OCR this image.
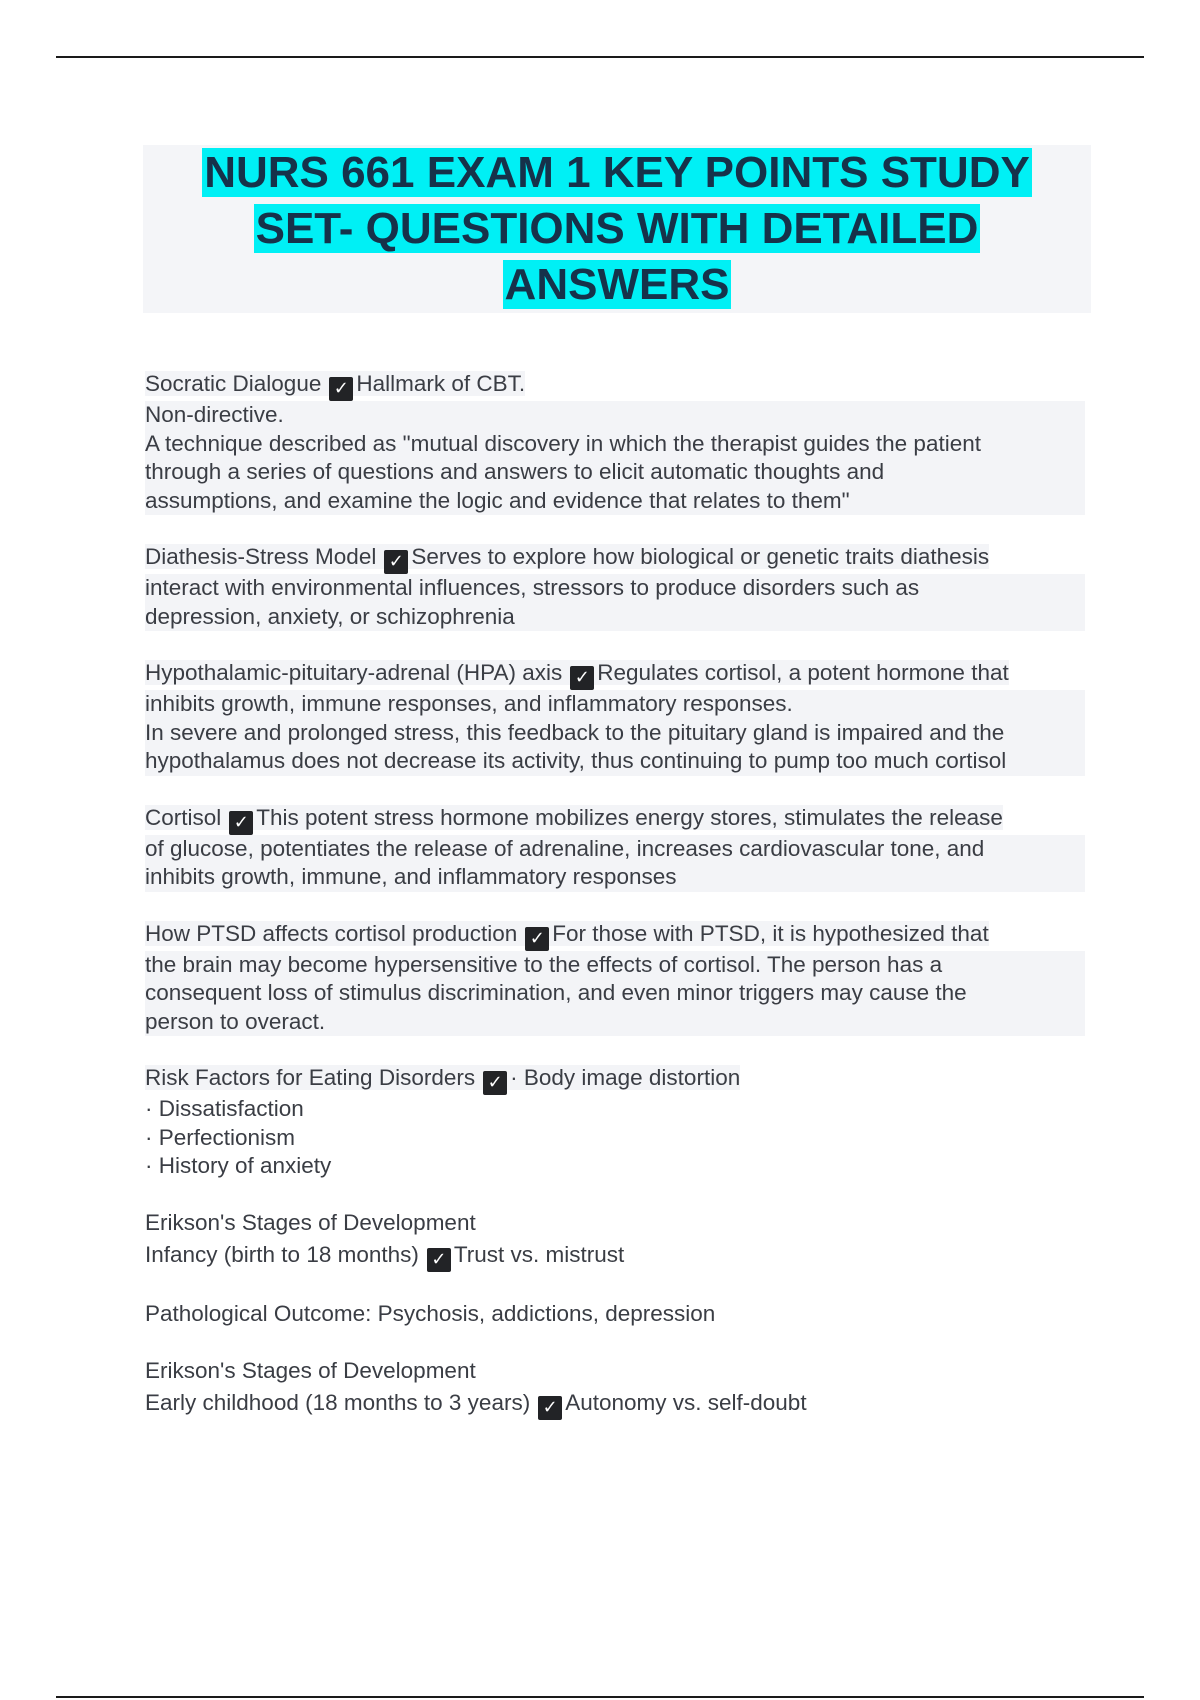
NURS 661 EXAM 1 KEY POINTS STUDY
SET- QUESTIONS WITH DETAILED
ANSWERS
Socratic Dialogue ✓ Hallmark of CBT.
Non-directive.
A technique described as "mutual discovery in which the therapist guides the patient
through a series of questions and answers to elicit automatic thoughts and
assumptions, and examine the logic and evidence that relates to them"
Diathesis-Stress Model ✓ Serves to explore how biological or genetic traits diathesis
interact with environmental influences, stressors to produce disorders such as
depression, anxiety, or schizophrenia
Hypothalamic-pituitary-adrenal (HPA) axis ✓ Regulates cortisol, a potent hormone that
inhibits growth, immune responses, and inflammatory responses.
In severe and prolonged stress, this feedback to the pituitary gland is impaired and the
hypothalamus does not decrease its activity, thus continuing to pump too much cortisol
Cortisol ✓ This potent stress hormone mobilizes energy stores, stimulates the release
of glucose, potentiates the release of adrenaline, increases cardiovascular tone, and
inhibits growth, immune, and inflammatory responses
How PTSD affects cortisol production ✓ For those with PTSD, it is hypothesized that
the brain may become hypersensitive to the effects of cortisol. The person has a
consequent loss of stimulus discrimination, and even minor triggers may cause the
person to overact.
Risk Factors for Eating Disorders ✓ · Body image distortion
· Dissatisfaction
· Perfectionism
· History of anxiety
Erikson's Stages of Development
Infancy (birth to 18 months) ✓ Trust vs. mistrust
Pathological Outcome: Psychosis, addictions, depression
Erikson's Stages of Development
Early childhood (18 months to 3 years) ✓ Autonomy vs. self-doubt
